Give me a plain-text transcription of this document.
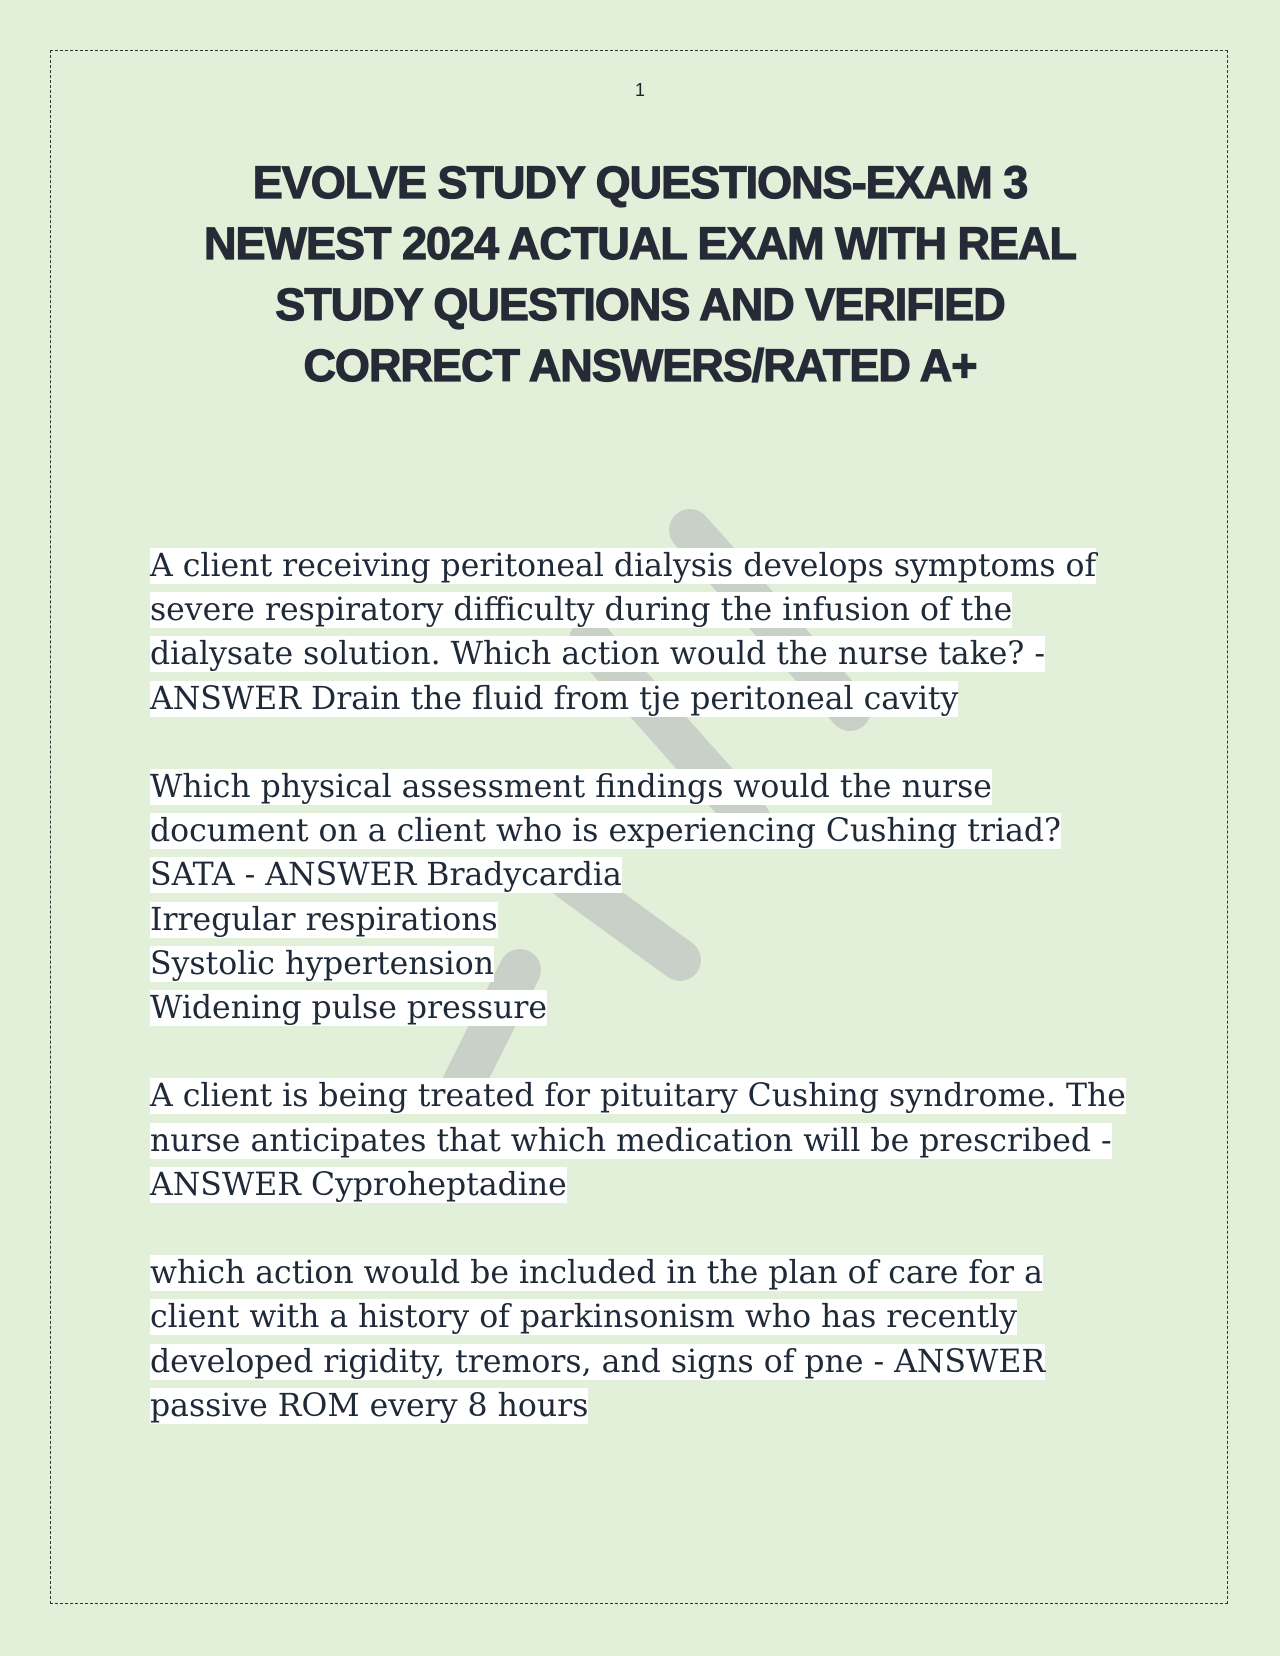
1
EVOLVE STUDY QUESTIONS-EXAM 3
NEWEST 2024 ACTUAL EXAM WITH REAL
STUDY QUESTIONS AND VERIFIED
CORRECT ANSWERS/RATED A+
A client receiving peritoneal dialysis develops symptoms of
severe respiratory difficulty during the infusion of the
dialysate solution. Which action would the nurse take? -
ANSWER Drain the fluid from tje peritoneal cavity
Which physical assessment findings would the nurse
document on a client who is experiencing Cushing triad?
SATA - ANSWER Bradycardia
Irregular respirations
Systolic hypertension
Widening pulse pressure
A client is being treated for pituitary Cushing syndrome. The
nurse anticipates that which medication will be prescribed -
ANSWER Cyproheptadine
which action would be included in the plan of care for a
client with a history of parkinsonism who has recently
developed rigidity, tremors, and signs of pne - ANSWER
passive ROM every 8 hours
